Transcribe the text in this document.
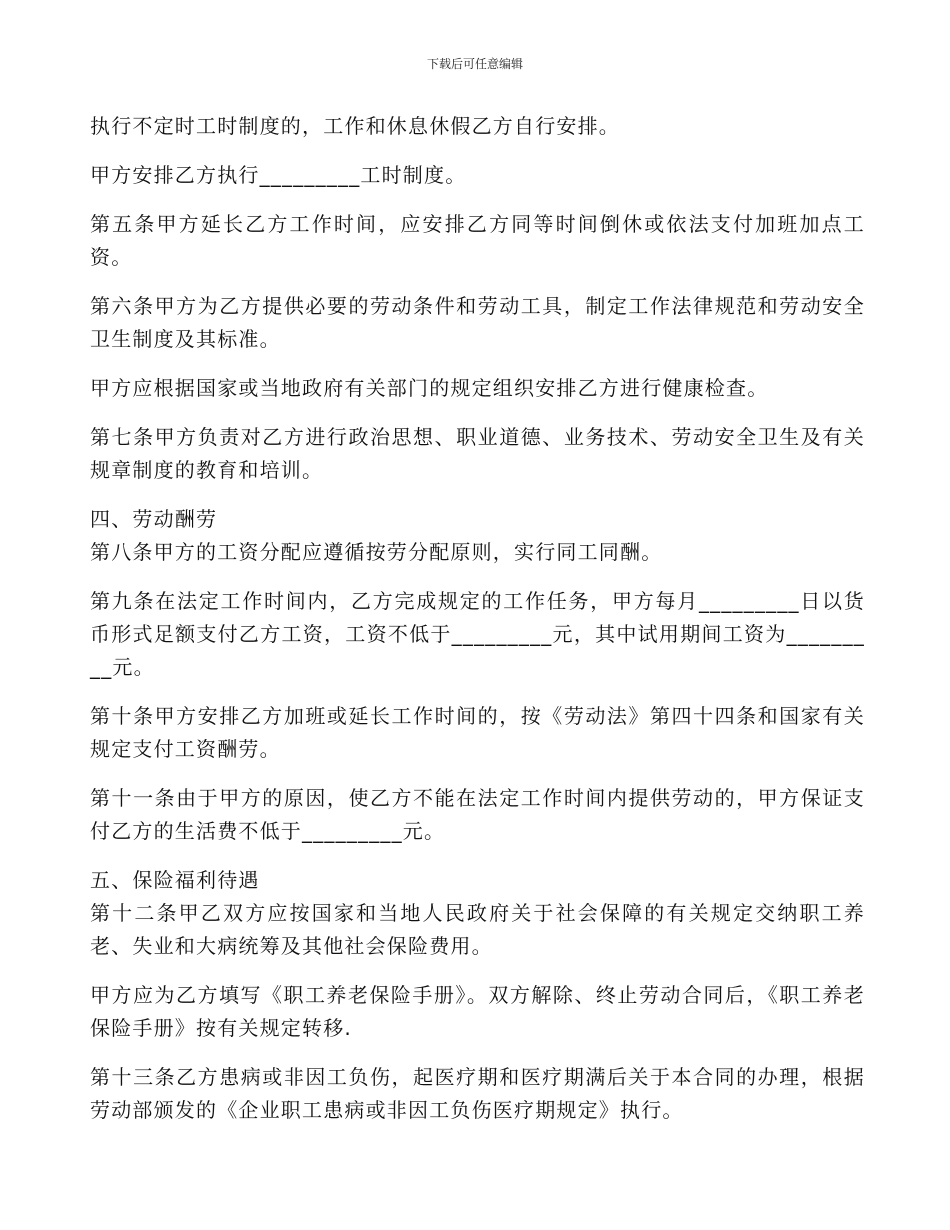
下载后可任意编辑

执行不定时工时制度的，工作和休息休假乙方自行安排。

甲方安排乙方执行_________工时制度。

第五条甲方延长乙方工作时间，应安排乙方同等时间倒休或依法支付加班加点工资。

第六条甲方为乙方提供必要的劳动条件和劳动工具，制定工作法律规范和劳动安全卫生制度及其标准。

甲方应根据国家或当地政府有关部门的规定组织安排乙方进行健康检查。

第七条甲方负责对乙方进行政治思想、职业道德、业务技术、劳动安全卫生及有关规章制度的教育和培训。

四、劳动酬劳

第八条甲方的工资分配应遵循按劳分配原则，实行同工同酬。

第九条在法定工作时间内，乙方完成规定的工作任务，甲方每月_________日以货币形式足额支付乙方工资，工资不低于_________元，其中试用期间工资为_________元。

第十条甲方安排乙方加班或延长工作时间的，按《劳动法》第四十四条和国家有关规定支付工资酬劳。

第十一条由于甲方的原因，使乙方不能在法定工作时间内提供劳动的，甲方保证支付乙方的生活费不低于_________元。

五、保险福利待遇

第十二条甲乙双方应按国家和当地人民政府关于社会保障的有关规定交纳职工养老、失业和大病统筹及其他社会保险费用。

甲方应为乙方填写《职工养老保险手册》。双方解除、终止劳动合同后，《职工养老保险手册》按有关规定转移.

第十三条乙方患病或非因工负伤，起医疗期和医疗期满后关于本合同的办理，根据劳动部颁发的《企业职工患病或非因工负伤医疗期规定》执行。
